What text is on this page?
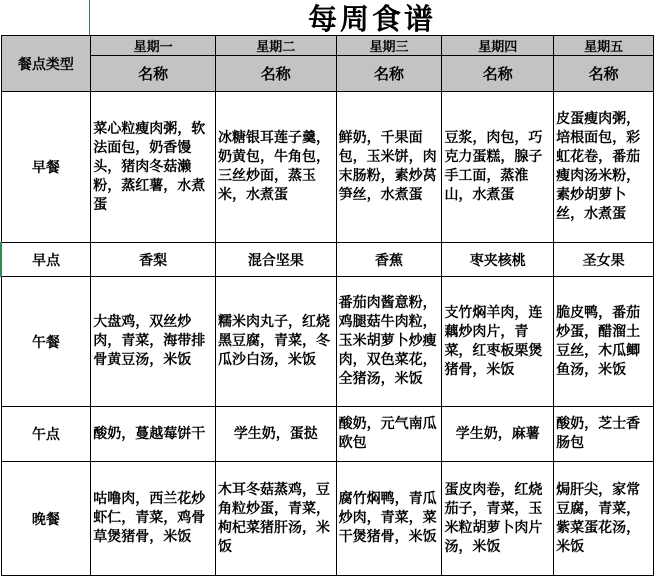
每周食谱
餐点类型	星期一	星期二	星期三	星期四	星期五
	名称	名称	名称	名称	名称
早餐	菜心粒瘦肉粥，软法面包，奶香馒头，猪肉冬菇濑粉，蒸红薯，水煮蛋	冰糖银耳莲子羹，奶黄包，牛角包，三丝炒面，蒸玉米，水煮蛋	鲜奶，千果面包，玉米饼，肉末肠粉，素炒莴笋丝，水煮蛋	豆浆，肉包，巧克力蛋糕，腺子手工面，蒸淮山，水煮蛋	皮蛋瘦肉粥，培根面包，彩虹花卷，番茄瘦肉汤米粉，素炒胡萝卜丝，水煮蛋
早点	香梨	混合坚果	香蕉	枣夹核桃	圣女果
午餐	大盘鸡，双丝炒肉，青菜，海带排骨黄豆汤，米饭	糯米肉丸子，红烧黑豆腐，青菜，冬瓜沙白汤，米饭	番茄肉酱意粉，鸡腿菇牛肉粒，玉米胡萝卜炒瘦肉，双色菜花，全猪汤，米饭	支竹焖羊肉，连藕炒肉片，青菜，红枣板栗煲猪骨，米饭	脆皮鸭，番茄炒蛋，醋溜土豆丝，木瓜鲫鱼汤，米饭
午点	酸奶，蔓越莓饼干	学生奶，蛋挞	酸奶，元气南瓜欧包	学生奶，麻薯	酸奶，芝士香肠包
晚餐	咕噜肉，西兰花炒虾仁，青菜，鸡骨草煲猪骨，米饭	木耳冬菇蒸鸡，豆角粒炒蛋，青菜，枸杞菜猪肝汤，米饭	腐竹焖鸭，青瓜炒肉，青菜，菜干煲猪骨，米饭	蛋皮肉卷，红烧茄子，青菜，玉米粒胡萝卜肉片汤，米饭	焗肝尖，家常豆腐，青菜，紫菜蛋花汤，米饭
